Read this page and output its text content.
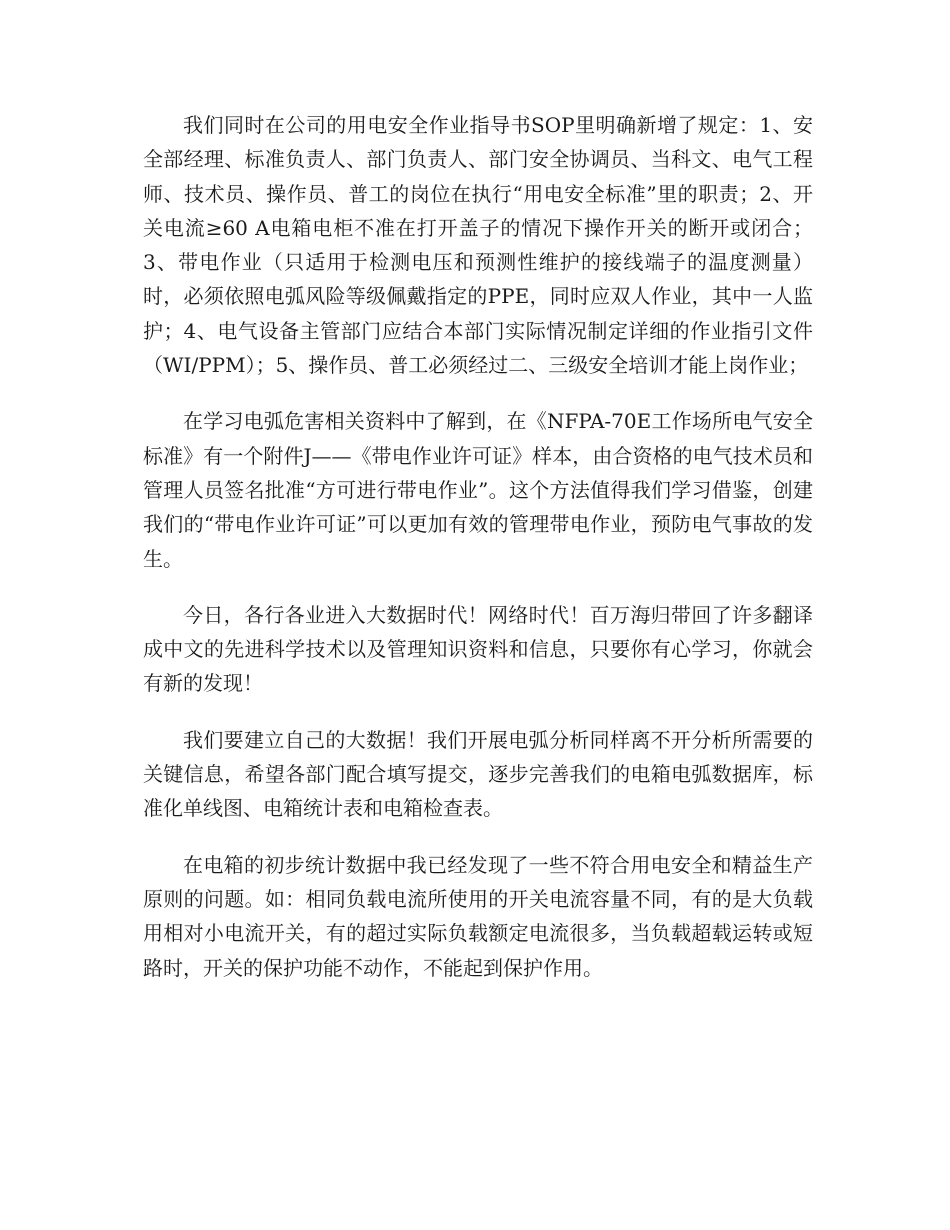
我们同时在公司的用电安全作业指导书SOP里明确新增了规定：1、安全部经理、标准负责人、部门负责人、部门安全协调员、当科文、电气工程师、技术员、操作员、普工的岗位在执行“用电安全标准”里的职责；2、开关电流≥60 A电箱电柜不准在打开盖子的情况下操作开关的断开或闭合；3、带电作业（只适用于检测电压和预测性维护的接线端子的温度测量）时，必须依照电弧风险等级佩戴指定的PPE，同时应双人作业，其中一人监护；4、电气设备主管部门应结合本部门实际情况制定详细的作业指引文件（WI/PPM）；5、操作员、普工必须经过二、三级安全培训才能上岗作业；

在学习电弧危害相关资料中了解到，在《NFPA-70E工作场所电气安全标准》有一个附件J——《带电作业许可证》样本，由合资格的电气技术员和管理人员签名批准“方可进行带电作业”。这个方法值得我们学习借鉴，创建我们的“带电作业许可证”可以更加有效的管理带电作业，预防电气事故的发生。

今日，各行各业进入大数据时代！网络时代！百万海归带回了许多翻译成中文的先进科学技术以及管理知识资料和信息，只要你有心学习，你就会有新的发现！

我们要建立自己的大数据！我们开展电弧分析同样离不开分析所需要的关键信息，希望各部门配合填写提交，逐步完善我们的电箱电弧数据库，标准化单线图、电箱统计表和电箱检查表。

在电箱的初步统计数据中我已经发现了一些不符合用电安全和精益生产原则的问题。如：相同负载电流所使用的开关电流容量不同，有的是大负载用相对小电流开关，有的超过实际负载额定电流很多，当负载超载运转或短路时，开关的保护功能不动作，不能起到保护作用。
